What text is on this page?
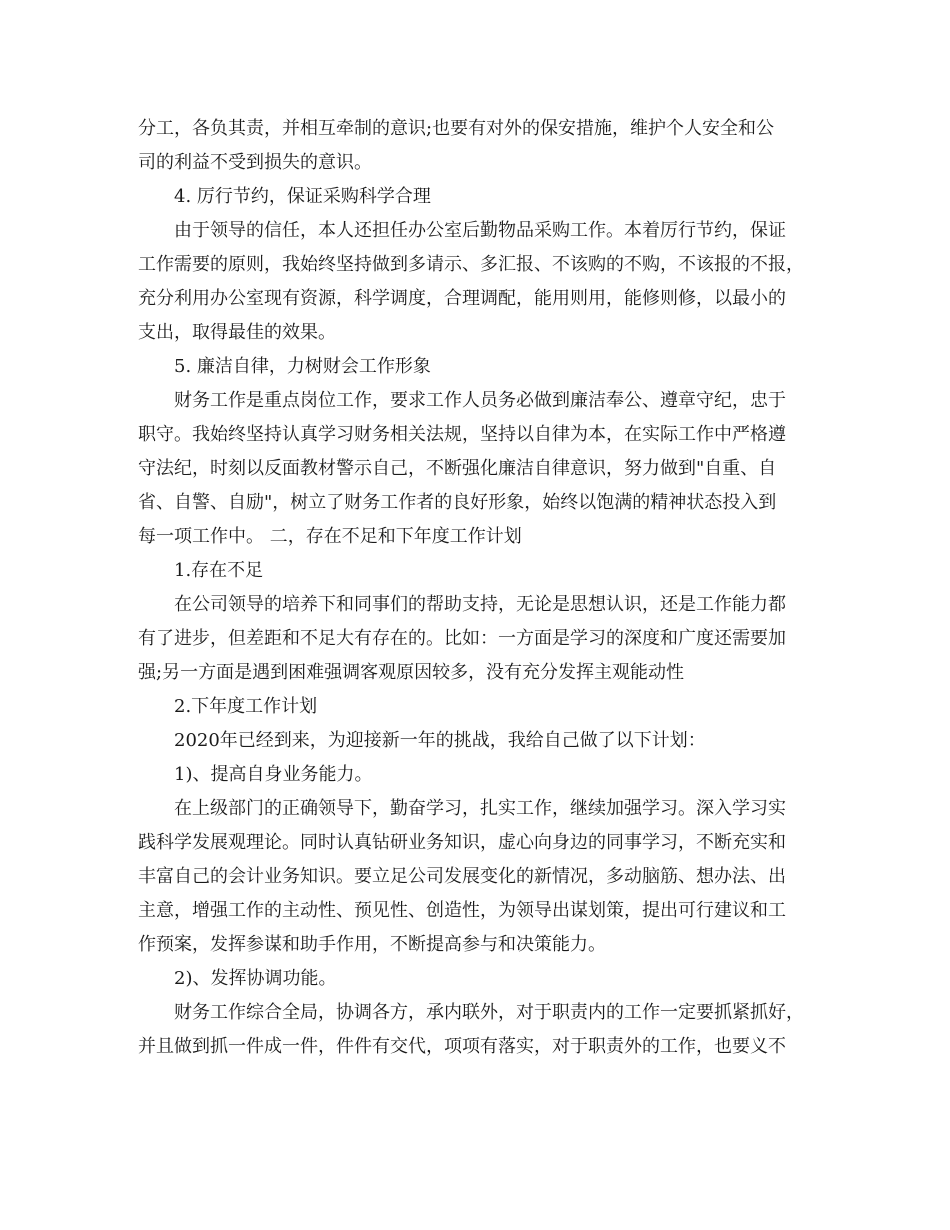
分工，各负其责，并相互牵制的意识;也要有对外的保安措施，维护个人安全和公
司的利益不受到损失的意识。
4. 厉行节约，保证采购科学合理
由于领导的信任，本人还担任办公室后勤物品采购工作。本着厉行节约，保证
工作需要的原则，我始终坚持做到多请示、多汇报、不该购的不购，不该报的不报，
充分利用办公室现有资源，科学调度，合理调配，能用则用，能修则修，以最小的
支出，取得最佳的效果。
5. 廉洁自律，力树财会工作形象
财务工作是重点岗位工作，要求工作人员务必做到廉洁奉公、遵章守纪，忠于
职守。我始终坚持认真学习财务相关法规，坚持以自律为本，在实际工作中严格遵
守法纪，时刻以反面教材警示自己，不断强化廉洁自律意识，努力做到"自重、自
省、自警、自励"，树立了财务工作者的良好形象，始终以饱满的精神状态投入到
每一项工作中。 二，存在不足和下年度工作计划
1.存在不足
在公司领导的培养下和同事们的帮助支持，无论是思想认识，还是工作能力都
有了进步，但差距和不足大有存在的。比如：一方面是学习的深度和广度还需要加
强;另一方面是遇到困难强调客观原因较多，没有充分发挥主观能动性
2.下年度工作计划
2020年已经到来，为迎接新一年的挑战，我给自己做了以下计划：
1)、提高自身业务能力。
在上级部门的正确领导下，勤奋学习，扎实工作，继续加强学习。深入学习实
践科学发展观理论。同时认真钻研业务知识，虚心向身边的同事学习，不断充实和
丰富自己的会计业务知识。要立足公司发展变化的新情况，多动脑筋、想办法、出
主意，增强工作的主动性、预见性、创造性，为领导出谋划策，提出可行建议和工
作预案，发挥参谋和助手作用，不断提高参与和决策能力。
2)、发挥协调功能。
财务工作综合全局，协调各方，承内联外，对于职责内的工作一定要抓紧抓好，
并且做到抓一件成一件，件件有交代，项项有落实，对于职责外的工作，也要义不
